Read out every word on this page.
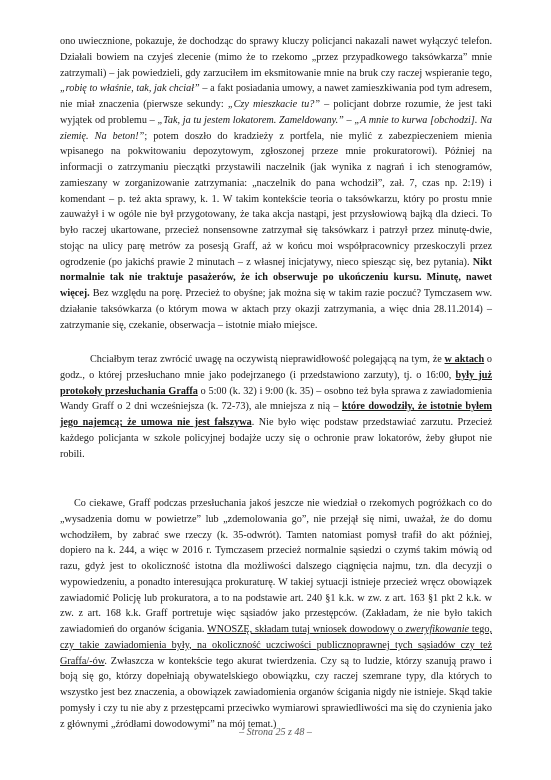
ono uwiecznione, pokazuje, że dochodząc do sprawy kluczy policjanci nakazali nawet wyłączyć telefon. Działali bowiem na czyjeś zlecenie (mimo że to rzekomo „przez przypadkowego taksówkarza” mnie zatrzymali) – jak powiedzieli, gdy zarzuciłem im eksmitowanie mnie na bruk czy raczej wspieranie tego, „robię to właśnie, tak, jak chciał” – a fakt posiadania umowy, a nawet zamieszkiwania pod tym adresem, nie miał znaczenia (pierwsze sekundy: „Czy mieszkacie tu?” – policjant dobrze rozumie, że jest taki wyjątek od problemu – „Tak, ja tu jestem lokatorem. Zameldowany.” – „A mnie to kurwa [obchodzi]. Na ziemię. Na beton!”; potem doszło do kradzieży z portfela, nie mylić z zabezpieczeniem mienia wpisanego na pokwitowaniu depozytowym, zgłoszonej przeze mnie prokuratorowi). Później na informacji o zatrzymaniu pieczątki przystawili naczelnik (jak wynika z nagrań i ich stenogramów, zamieszany w zorganizowanie zatrzymania: „naczelnik do pana wchodził”, zał. 7, czas np. 2:19) i komendant – p. też akta sprawy, k. 1. W takim kontekście teoria o taksówkarzu, który po prostu mnie zauważył i w ogóle nie był przygotowany, że taka akcja nastąpi, jest przysłowiową bajką dla dzieci. To było raczej ukartowane, przecież nonsensowne zatrzymał się taksówkarz i patrzył przez minutę-dwie, stojąc na ulicy parę metrów za posesją Graff, aż w końcu moi współpracownicy przeskoczyli przez ogrodzenie (po jakichś prawie 2 minutach – z własnej inicjatywy, nieco spiesząc się, bez pytania). Nikt normalnie tak nie traktuje pasażerów, że ich obserwuje po ukończeniu kursu. Minutę, nawet więcej. Bez względu na porę. Przecież to obyśne; jak można się w takim razie poczuć? Tymczasem ww. działanie taksówkarza (o którym mowa w aktach przy okazji zatrzymania, a więc dnia 28.11.2014) – zatrzymanie się, czekanie, obserwacja – istotnie miało miejsce.

Chciałbym teraz zwrócić uwagę na oczywistą nieprawidłowość polegającą na tym, że w aktach o godz., o której przesłuchano mnie jako podejrzanego (i przedstawiono zarzuty), tj. o 16:00, były już protokoły przesłuchania Graffa o 5:00 (k. 32) i 9:00 (k. 35) – osobno też była sprawa z zawiadomienia Wandy Graff o 2 dni wcześniejsza (k. 72-73), ale mniejsza z nią – które dowodziły, że istotnie byłem jego najemcą; że umowa nie jest fałszywa. Nie było więc podstaw przedstawiać zarzutu. Przecież każdego policjanta w szkole policyjnej bodajże uczy się o ochronie praw lokatorów, żeby głupot nie robili.

Co ciekawe, Graff podczas przesłuchania jakoś jeszcze nie wiedział o rzekomych pogróżkach co do „wysadzenia domu w powietrze” lub „zdemolowania go”, nie przejął się nimi, uważał, że do domu wchodziłem, by zabrać swe rzeczy (k. 35-odwrót). Tamten natomiast pomysł trafił do akt później, dopiero na k. 244, a więc w 2016 r. Tymczasem przecież normalnie sąsiedzi o czymś takim mówią od razu, gdyż jest to okoliczność istotna dla możliwości dalszego ciągnięcia najmu, tzn. dla decyzji o wypowiedzeniu, a ponadto interesująca prokuraturę. W takiej sytuacji istnieje przecież wręcz obowiązek zawiadomić Policję lub prokuratora, a to na podstawie art. 240 §1 k.k. w zw. z art. 163 §1 pkt 2 k.k. w zw. z art. 168 k.k. Graff portretuje więc sąsiadów jako przestępców. (Zakładam, że nie było takich zawiadomień do organów ścigania. WNOSZĘ, składam tutaj wniosek dowodowy o zweryfikowanie tego, czy takie zawiadomienia były, na okoliczność uczciwości publicznoprawnej tych sąsiadów czy też Graffa/-ów. Zwłaszcza w kontekście tego akurat twierdzenia. Czy są to ludzie, którzy szanują prawo i boją się go, którzy dopełniają obywatelskiego obowiązku, czy raczej szemrane typy, dla których to wszystko jest bez znaczenia, a obowiązek zawiadomienia organów ścigania nigdy nie istnieje. Skąd takie pomysły i czy tu nie aby z przestępcami przeciwko wymiarowi sprawiedliwości ma się do czynienia jako z głównymi „źródłami dowodowymi” na mój temat.)

– Strona 25 z 48 –
